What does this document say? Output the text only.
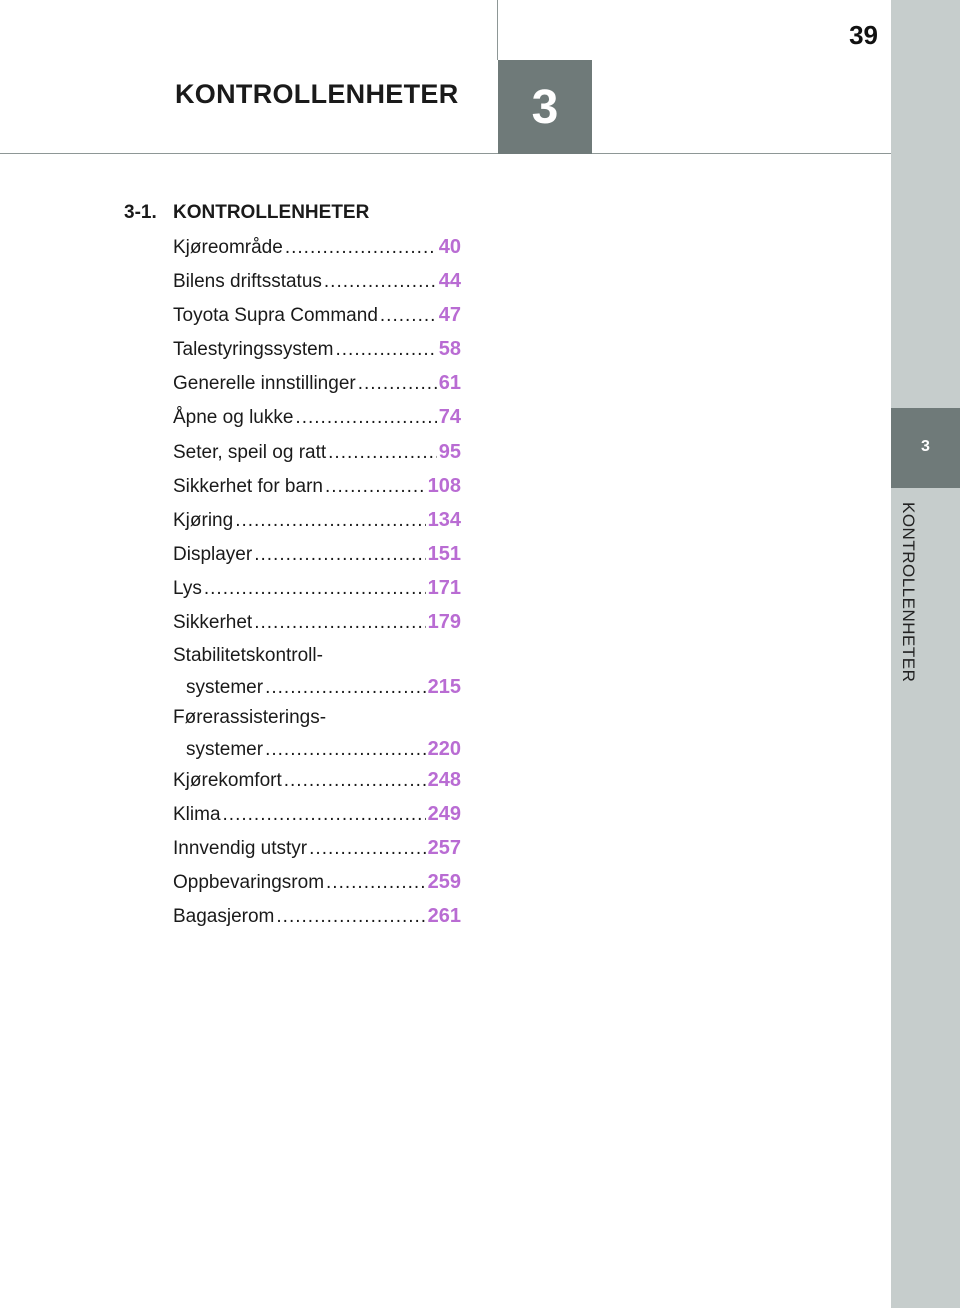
3
KONTROLLENHETER
39
KONTROLLENHETER	3
3-1. KONTROLLENHETER
Kjøreområde .....	40
Bilens driftsstatus .....	44
Toyota Supra Command .....	47
Talestyringssystem .....	58
Generelle innstillinger .....	61
Åpne og lukke .....	74
Seter, speil og ratt .....	95
Sikkerhet for barn .....	108
Kjøring .....	134
Displayer .....	151
Lys .....	171
Sikkerhet .....	179
Stabilitetskontroll-
systemer .....	215
Førerassisterings-
systemer .....	220
Kjørekomfort .....	248
Klima .....	249
Innvendig utstyr .....	257
Oppbevaringsrom .....	259
Bagasjerom .....	261
